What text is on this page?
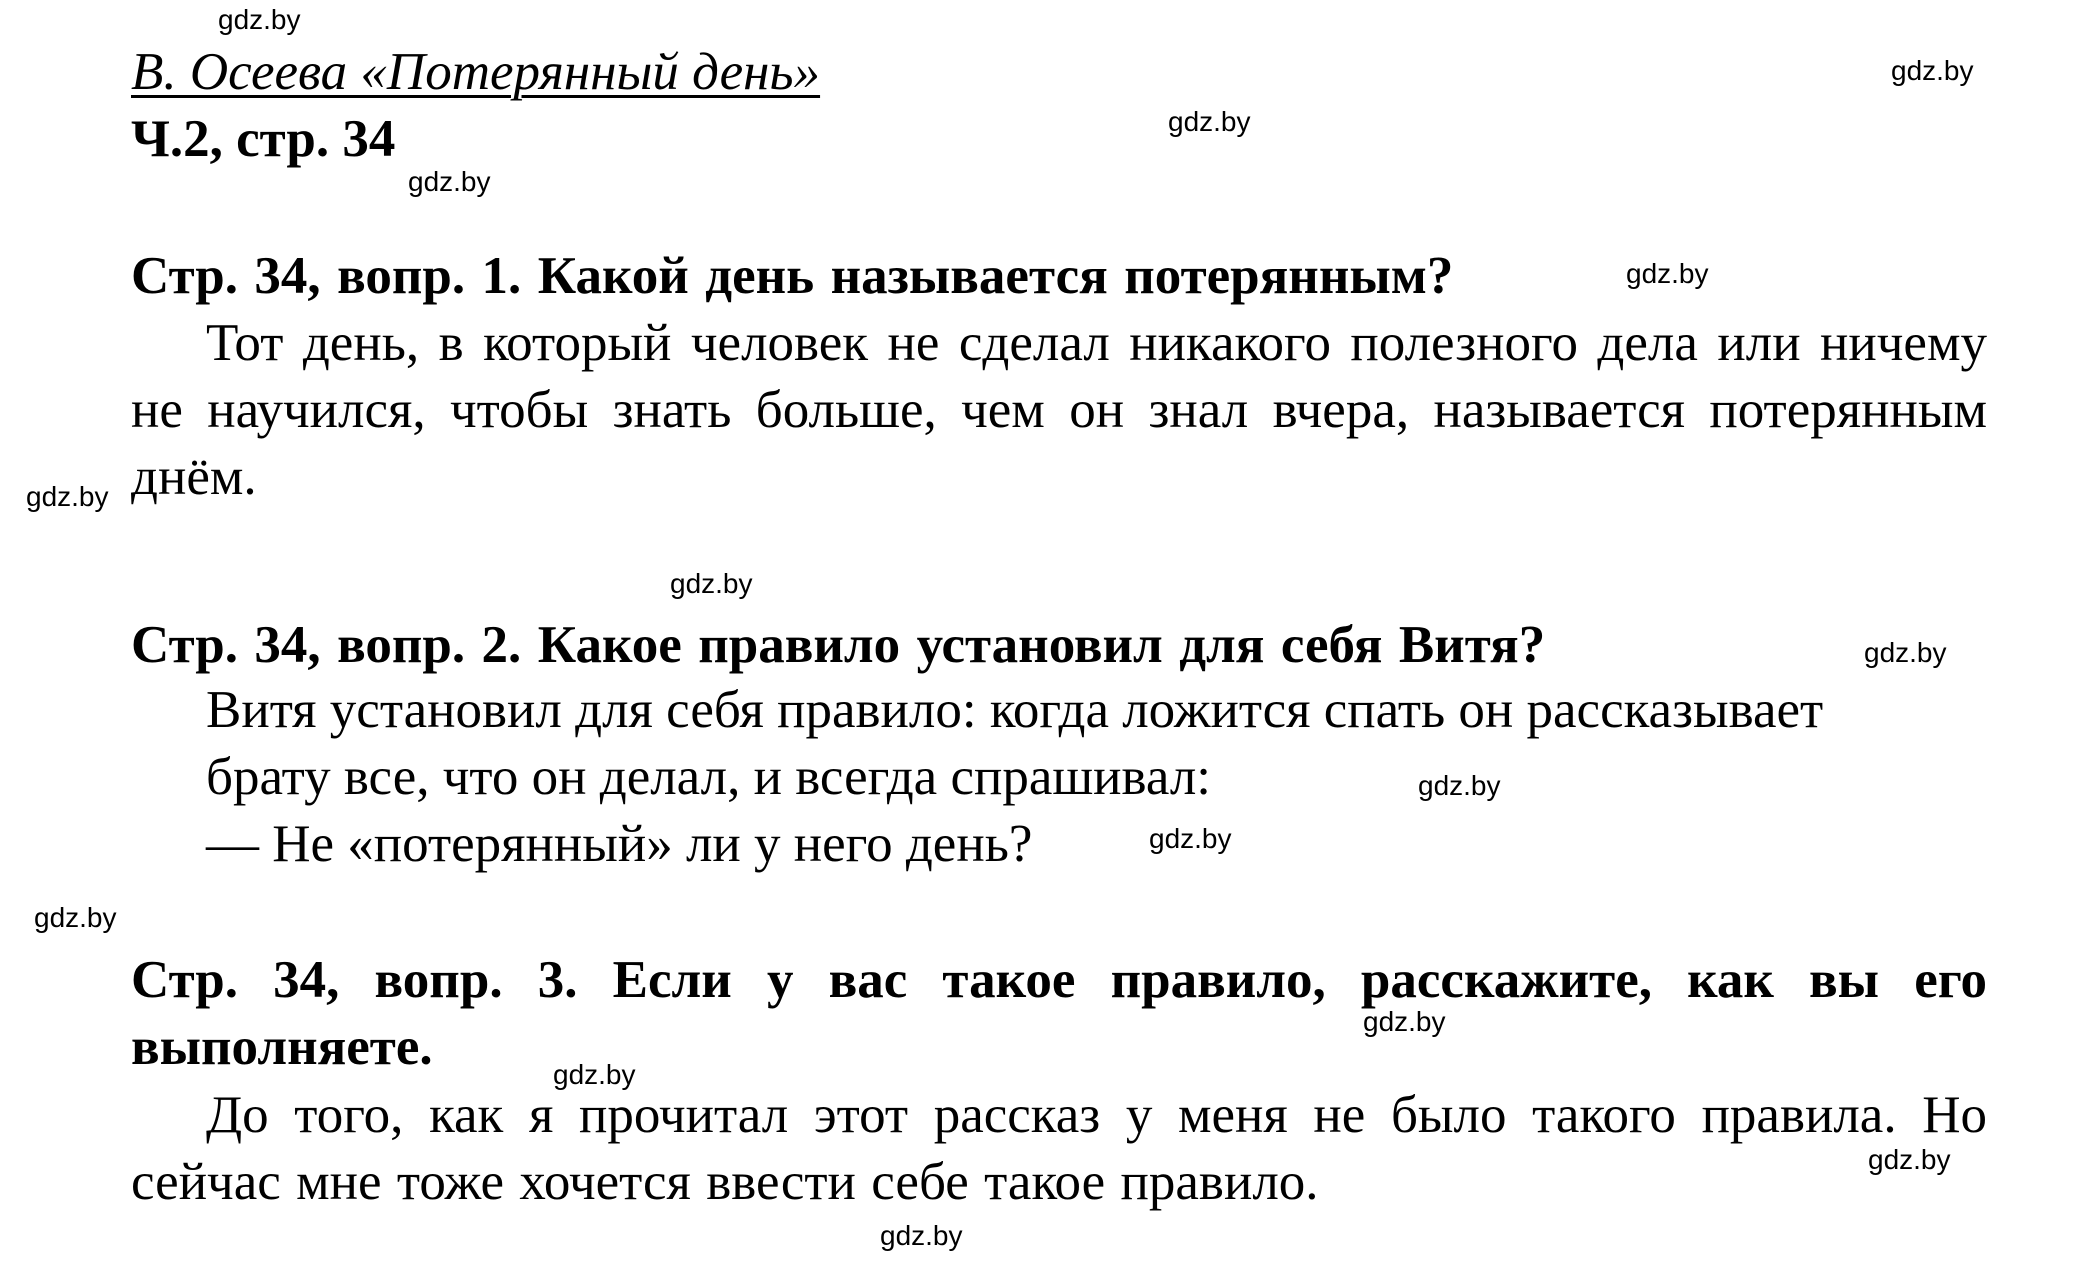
В. Осеева «Потерянный день»
Ч.2, стр. 34
Стр. 34, вопр. 1. Какой день называется потерянным?
Тот день, в который человек не сделал никакого полезного дела или ничему не научился, чтобы знать больше, чем он знал вчера, называется потерянным днём.
Стр. 34, вопр. 2. Какое правило установил для себя Витя?
Витя установил для себя правило: когда ложится спать он рассказывает
брату все, что он делал, и всегда спрашивал:
— Не «потерянный» ли у него день?
Стр. 34, вопр. 3. Если у вас такое правило, расскажите, как вы его выполняете.
До того, как я прочитал этот рассказ у меня не было такого правила. Но сейчас мне тоже хочется ввести себе такое правило.
gdz.by
gdz.by
gdz.by
gdz.by
gdz.by
gdz.by
gdz.by
gdz.by
gdz.by
gdz.by
gdz.by
gdz.by
gdz.by
gdz.by
gdz.by
